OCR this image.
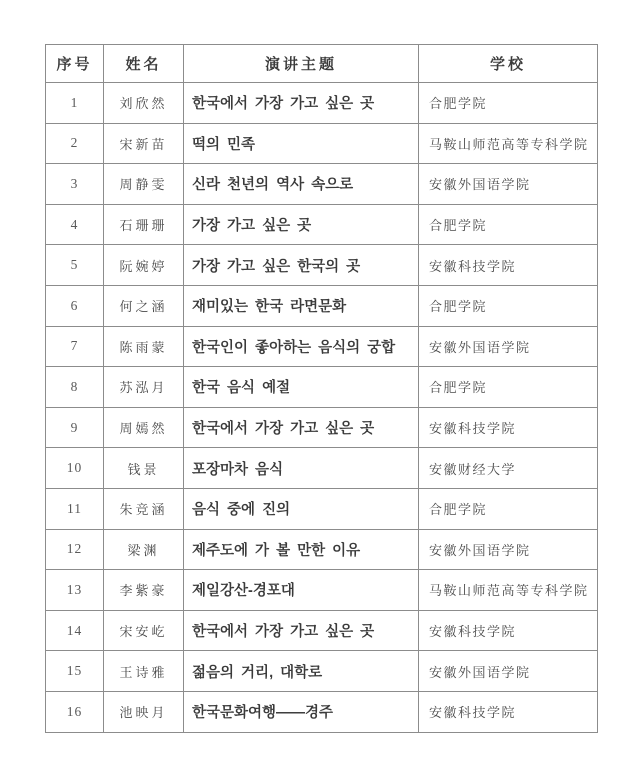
序号	姓名	演讲主题	学校
1	刘欣然	한국에서 가장 가고 싶은 곳	合肥学院
2	宋新苗	떡의 민족	马鞍山师范高等专科学院
3	周静雯	신라 천년의 역사 속으로	安徽外国语学院
4	石珊珊	가장 가고 싶은 곳	合肥学院
5	阮婉婷	가장 가고 싶은 한국의 곳	安徽科技学院
6	何之涵	재미있는 한국 라면문화	合肥学院
7	陈雨蒙	한국인이 좋아하는 음식의 궁합	安徽外国语学院
8	苏泓月	한국 음식 예절	合肥学院
9	周嫣然	한국에서 가장 가고 싶은 곳	安徽科技学院
10	钱景	포장마차 음식	安徽财经大学
11	朱竞涵	음식 중에 진의	合肥学院
12	梁渊	제주도에 가 볼 만한 이유	安徽外国语学院
13	李紫豪	제일강산-경포대	马鞍山师范高等专科学院
14	宋安屹	한국에서 가장 가고 싶은 곳	安徽科技学院
15	王诗雅	젊음의 거리, 대학로	安徽外国语学院
16	池映月	한국문화여행——경주	安徽科技学院
